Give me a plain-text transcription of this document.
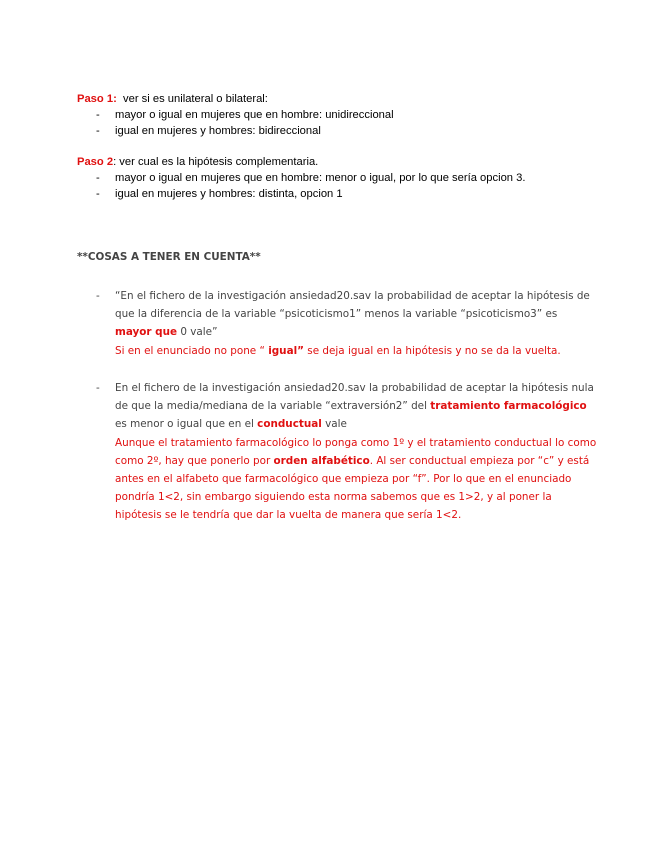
Paso 1: ver si es unilateral o bilateral:
- mayor o igual en mujeres que en hombre: unidireccional
- igual en mujeres y hombres: bidireccional
Paso 2: ver cual es la hipótesis complementaria.
- mayor o igual en mujeres que en hombre: menor o igual, por lo que sería opcion 3.
- igual en mujeres y hombres: distinta, opcion 1
**COSAS A TENER EN CUENTA**
- “En el fichero de la investigación ansiedad20.sav la probabilidad de aceptar la hipótesis de que la diferencia de la variable “psicoticismo1” menos la variable “psicoticismo3” es mayor que 0 vale”

Si en el enunciado no pone “ igual” se deja igual en la hipótesis y no se da la vuelta.

- En el fichero de la investigación ansiedad20.sav la probabilidad de aceptar la hipótesis nula de que la media/mediana de la variable “extraversión2” del tratamiento farmacológico es menor o igual que en el conductual vale

Aunque el tratamiento farmacológico lo ponga como 1º y el tratamiento conductual lo como como 2º, hay que ponerlo por orden alfabético. Al ser conductual empieza por “c” y está antes en el alfabeto que farmacológico que empieza por “f”. Por lo que en el enunciado pondría 1<2, sin embargo siguiendo esta norma sabemos que es 1>2, y al poner la hipótesis se le tendría que dar la vuelta de manera que sería 1<2.
